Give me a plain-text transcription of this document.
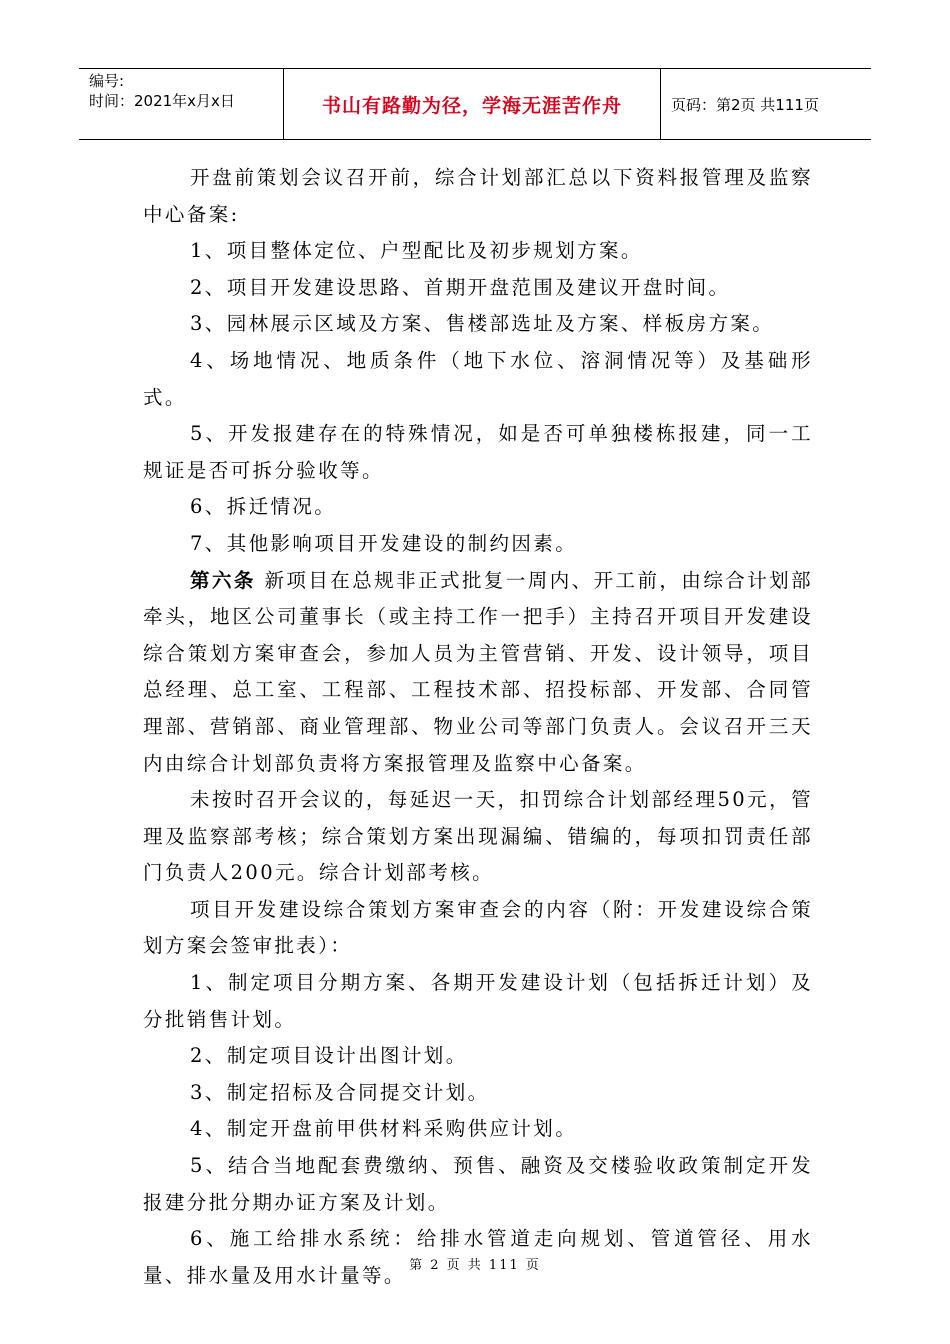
编号:
时间：2021年x月x日	书山有路勤为径，学海无涯苦作舟	页码：第2页 共111页

开盘前策划会议召开前，综合计划部汇总以下资料报管理及监察中心备案:

1、项目整体定位、户型配比及初步规划方案。

2、项目开发建设思路、首期开盘范围及建议开盘时间。

3、园林展示区域及方案、售楼部选址及方案、样板房方案。

4、场地情况、地质条件（地下水位、溶洞情况等）及基础形式。

5、开发报建存在的特殊情况，如是否可单独楼栋报建，同一工规证是否可拆分验收等。

6、拆迁情况。

7、其他影响项目开发建设的制约因素。

第六条 新项目在总规非正式批复一周内、开工前，由综合计划部牵头，地区公司董事长（或主持工作一把手）主持召开项目开发建设综合策划方案审查会，参加人员为主管营销、开发、设计领导，项目总经理、总工室、工程部、工程技术部、招投标部、开发部、合同管理部、营销部、商业管理部、物业公司等部门负责人。会议召开三天内由综合计划部负责将方案报管理及监察中心备案。

未按时召开会议的，每延迟一天，扣罚综合计划部经理50元，管理及监察部考核；综合策划方案出现漏编、错编的，每项扣罚责任部门负责人200元。综合计划部考核。

项目开发建设综合策划方案审查会的内容（附：开发建设综合策划方案会签审批表）：

1、制定项目分期方案、各期开发建设计划（包括拆迁计划）及分批销售计划。

2、制定项目设计出图计划。

3、制定招标及合同提交计划。

4、制定开盘前甲供材料采购供应计划。

5、结合当地配套费缴纳、预售、融资及交楼验收政策制定开发报建分批分期办证方案及计划。

6、施工给排水系统：给排水管道走向规划、管道管径、用水量、排水量及用水计量等。 第 2 页 共 111 页
